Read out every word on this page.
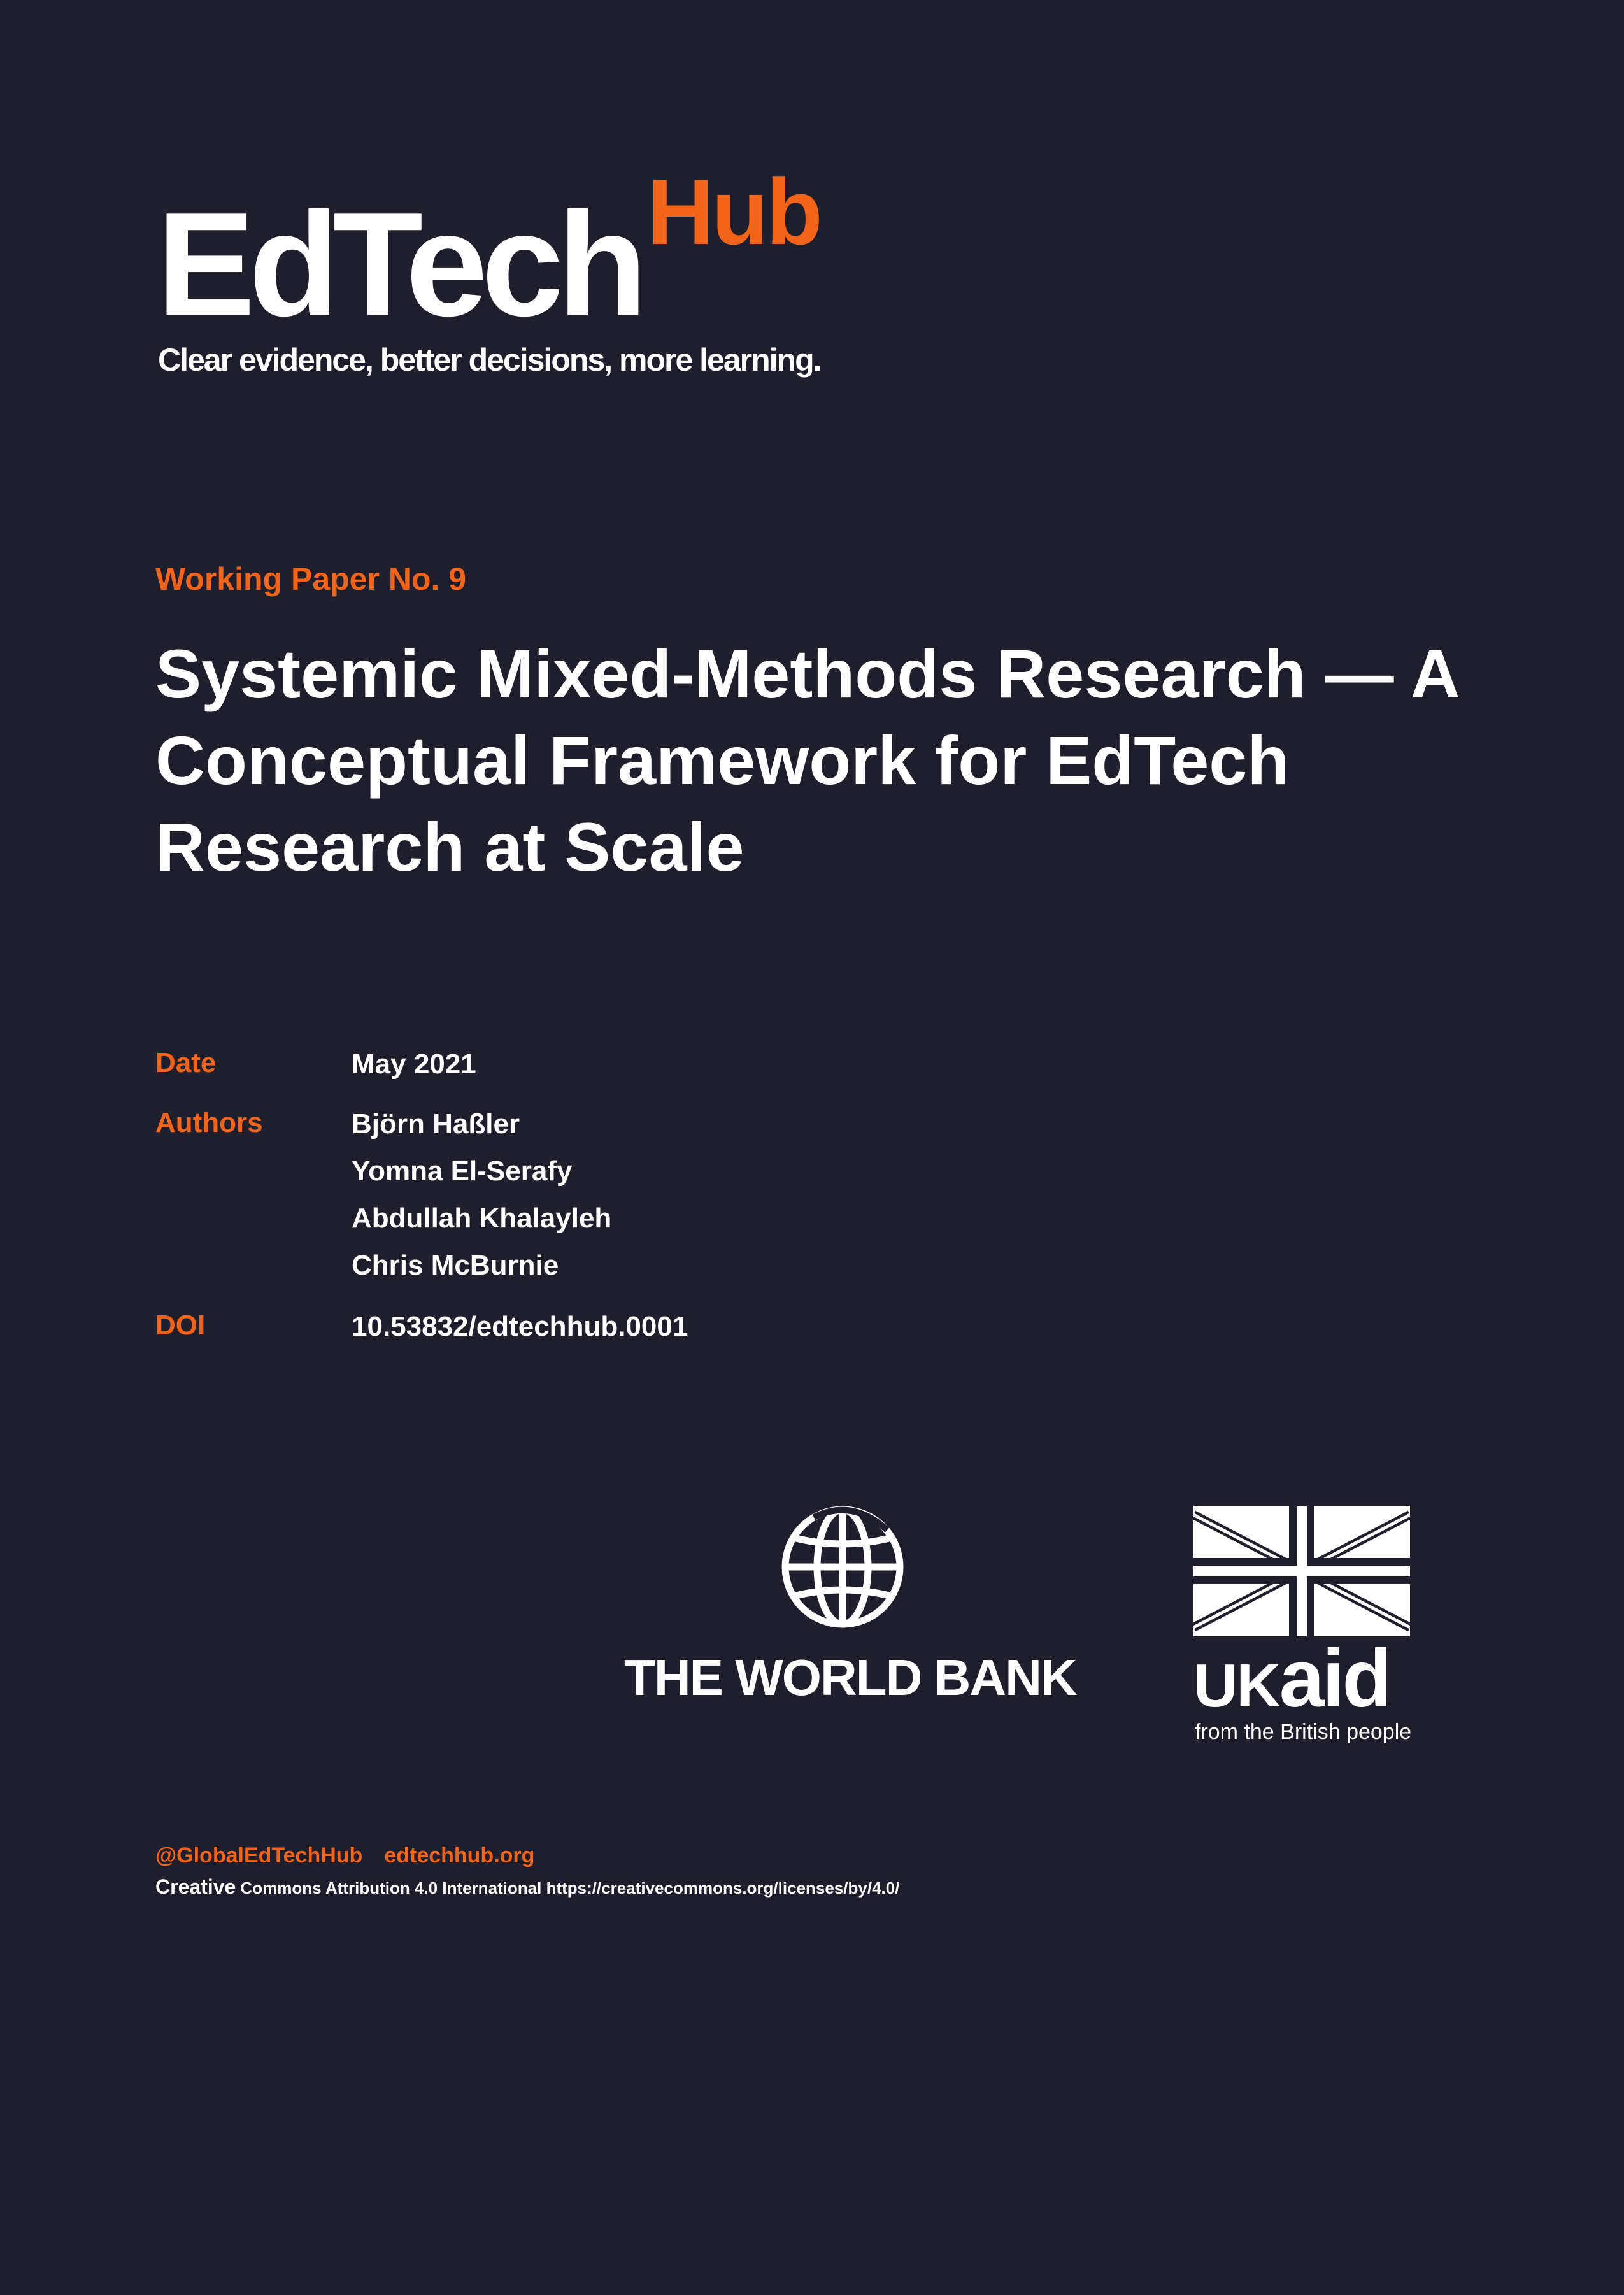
EdTech Hub
Clear evidence, better decisions, more learning.
Working Paper No. 9
Systemic Mixed-Methods Research — A Conceptual Framework for EdTech Research at Scale
Date	May 2021
Authors	Björn Haßler
Yomna El-Serafy
Abdullah Khalayleh
Chris McBurnie
DOI	10.53832/edtechhub.0001
THE WORLD BANK UKaid
from the British people
@GlobalEdTechHub edtechhub.org
Creative Commons Attribution 4.0 International https://creativecommons.org/licenses/by/4.0/
